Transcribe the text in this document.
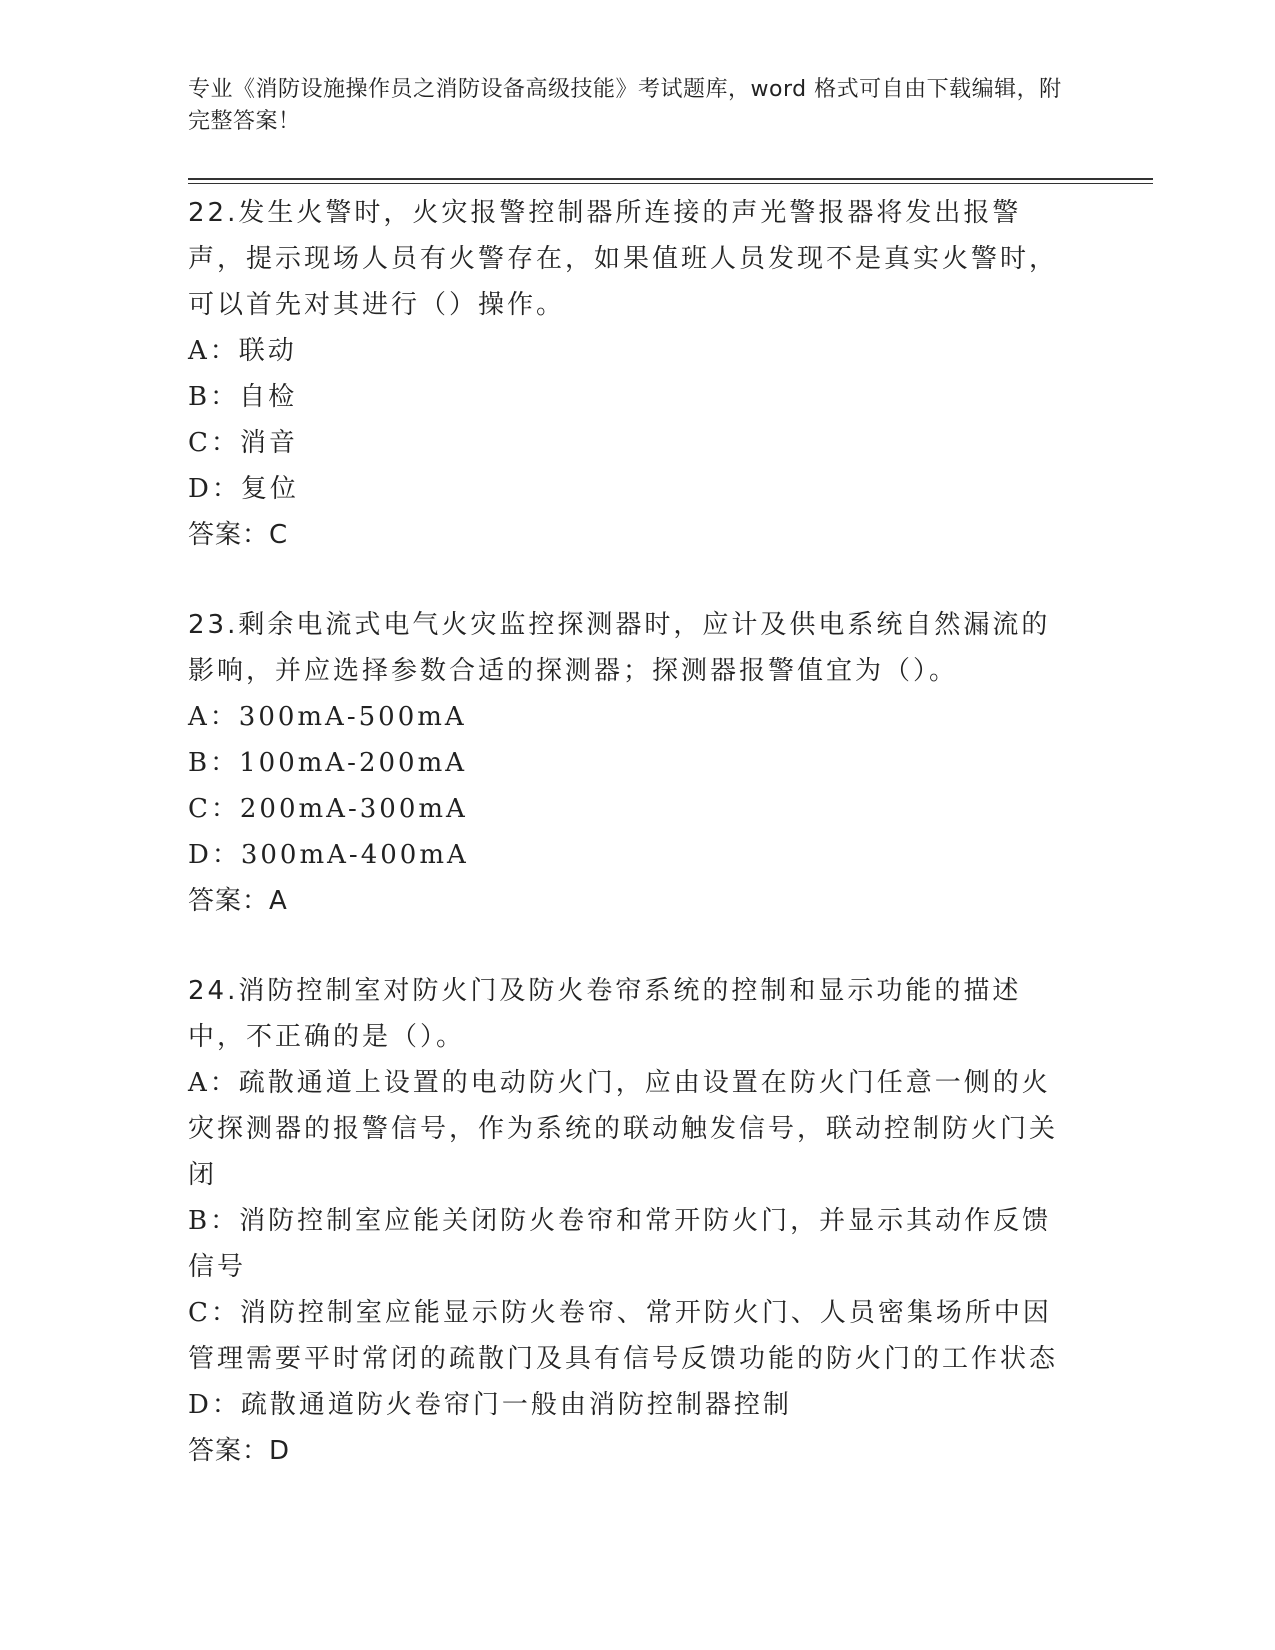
专业《消防设施操作员之消防设备高级技能》考试题库，word 格式可自由下载编辑，附完整答案！

22.发生火警时，火灾报警控制器所连接的声光警报器将发出报警声，提示现场人员有火警存在，如果值班人员发现不是真实火警时，可以首先对其进行（）操作。

A：联动

B：自检

C：消音

D：复位

答案：C

23.剩余电流式电气火灾监控探测器时，应计及供电系统自然漏流的影响，并应选择参数合适的探测器；探测器报警值宜为（）。

A：300mA-500mA

B：100mA-200mA

C：200mA-300mA

D：300mA-400mA

答案：A

24.消防控制室对防火门及防火卷帘系统的控制和显示功能的描述中，不正确的是（）。

A：疏散通道上设置的电动防火门，应由设置在防火门任意一侧的火灾探测器的报警信号，作为系统的联动触发信号，联动控制防火门关闭

B：消防控制室应能关闭防火卷帘和常开防火门，并显示其动作反馈信号

C：消防控制室应能显示防火卷帘、常开防火门、人员密集场所中因管理需要平时常闭的疏散门及具有信号反馈功能的防火门的工作状态

D：疏散通道防火卷帘门一般由消防控制器控制

答案：D
